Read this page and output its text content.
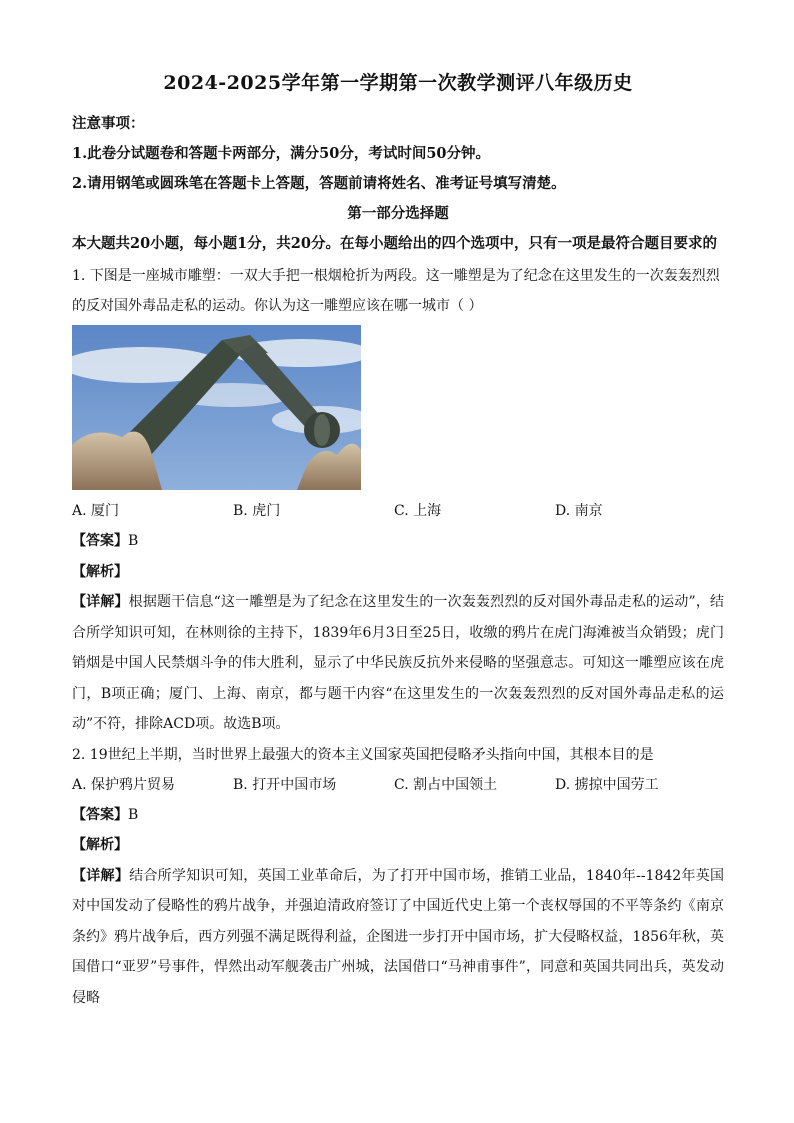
2024-2025学年第一学期第一次教学测评八年级历史
注意事项：
1.此卷分试题卷和答题卡两部分，满分50分，考试时间50分钟。
2.请用钢笔或圆珠笔在答题卡上答题，答题前请将姓名、准考证号填写清楚。
第一部分选择题
本大题共20小题，每小题1分，共20分。在每小题给出的四个选项中，只有一项是最符合题目要求的
1. 下图是一座城市雕塑：一双大手把一根烟枪折为两段。这一雕塑是为了纪念在这里发生的一次轰轰烈烈的反对国外毒品走私的运动。你认为这一雕塑应该在哪一城市（ ）
A. 厦门	B. 虎门	C. 上海	D. 南京
【答案】B
【解析】
【详解】根据题干信息“这一雕塑是为了纪念在这里发生的一次轰轰烈烈的反对国外毒品走私的运动”，结合所学知识可知，在林则徐的主持下，1839年6月3日至25日，收缴的鸦片在虎门海滩被当众销毁；虎门销烟是中国人民禁烟斗争的伟大胜利，显示了中华民族反抗外来侵略的坚强意志。可知这一雕塑应该在虎门，B项正确；厦门、上海、南京，都与题干内容“在这里发生的一次轰轰烈烈的反对国外毒品走私的运动”不符，排除ACD项。故选B项。
2. 19世纪上半期，当时世界上最强大的资本主义国家英国把侵略矛头指向中国，其根本目的是
A. 保护鸦片贸易	B. 打开中国市场	C. 割占中国领土	D. 掳掠中国劳工
【答案】B
【解析】
【详解】结合所学知识可知，英国工业革命后，为了打开中国市场，推销工业品，1840年--1842年英国对中国发动了侵略性的鸦片战争，并强迫清政府签订了中国近代史上第一个丧权辱国的不平等条约《南京条约》鸦片战争后，西方列强不满足既得利益，企图进一步打开中国市场，扩大侵略权益，1856年秋，英国借口“亚罗”号事件，悍然出动军舰袭击广州城，法国借口“马神甫事件”，同意和英国共同出兵，英发动侵略
